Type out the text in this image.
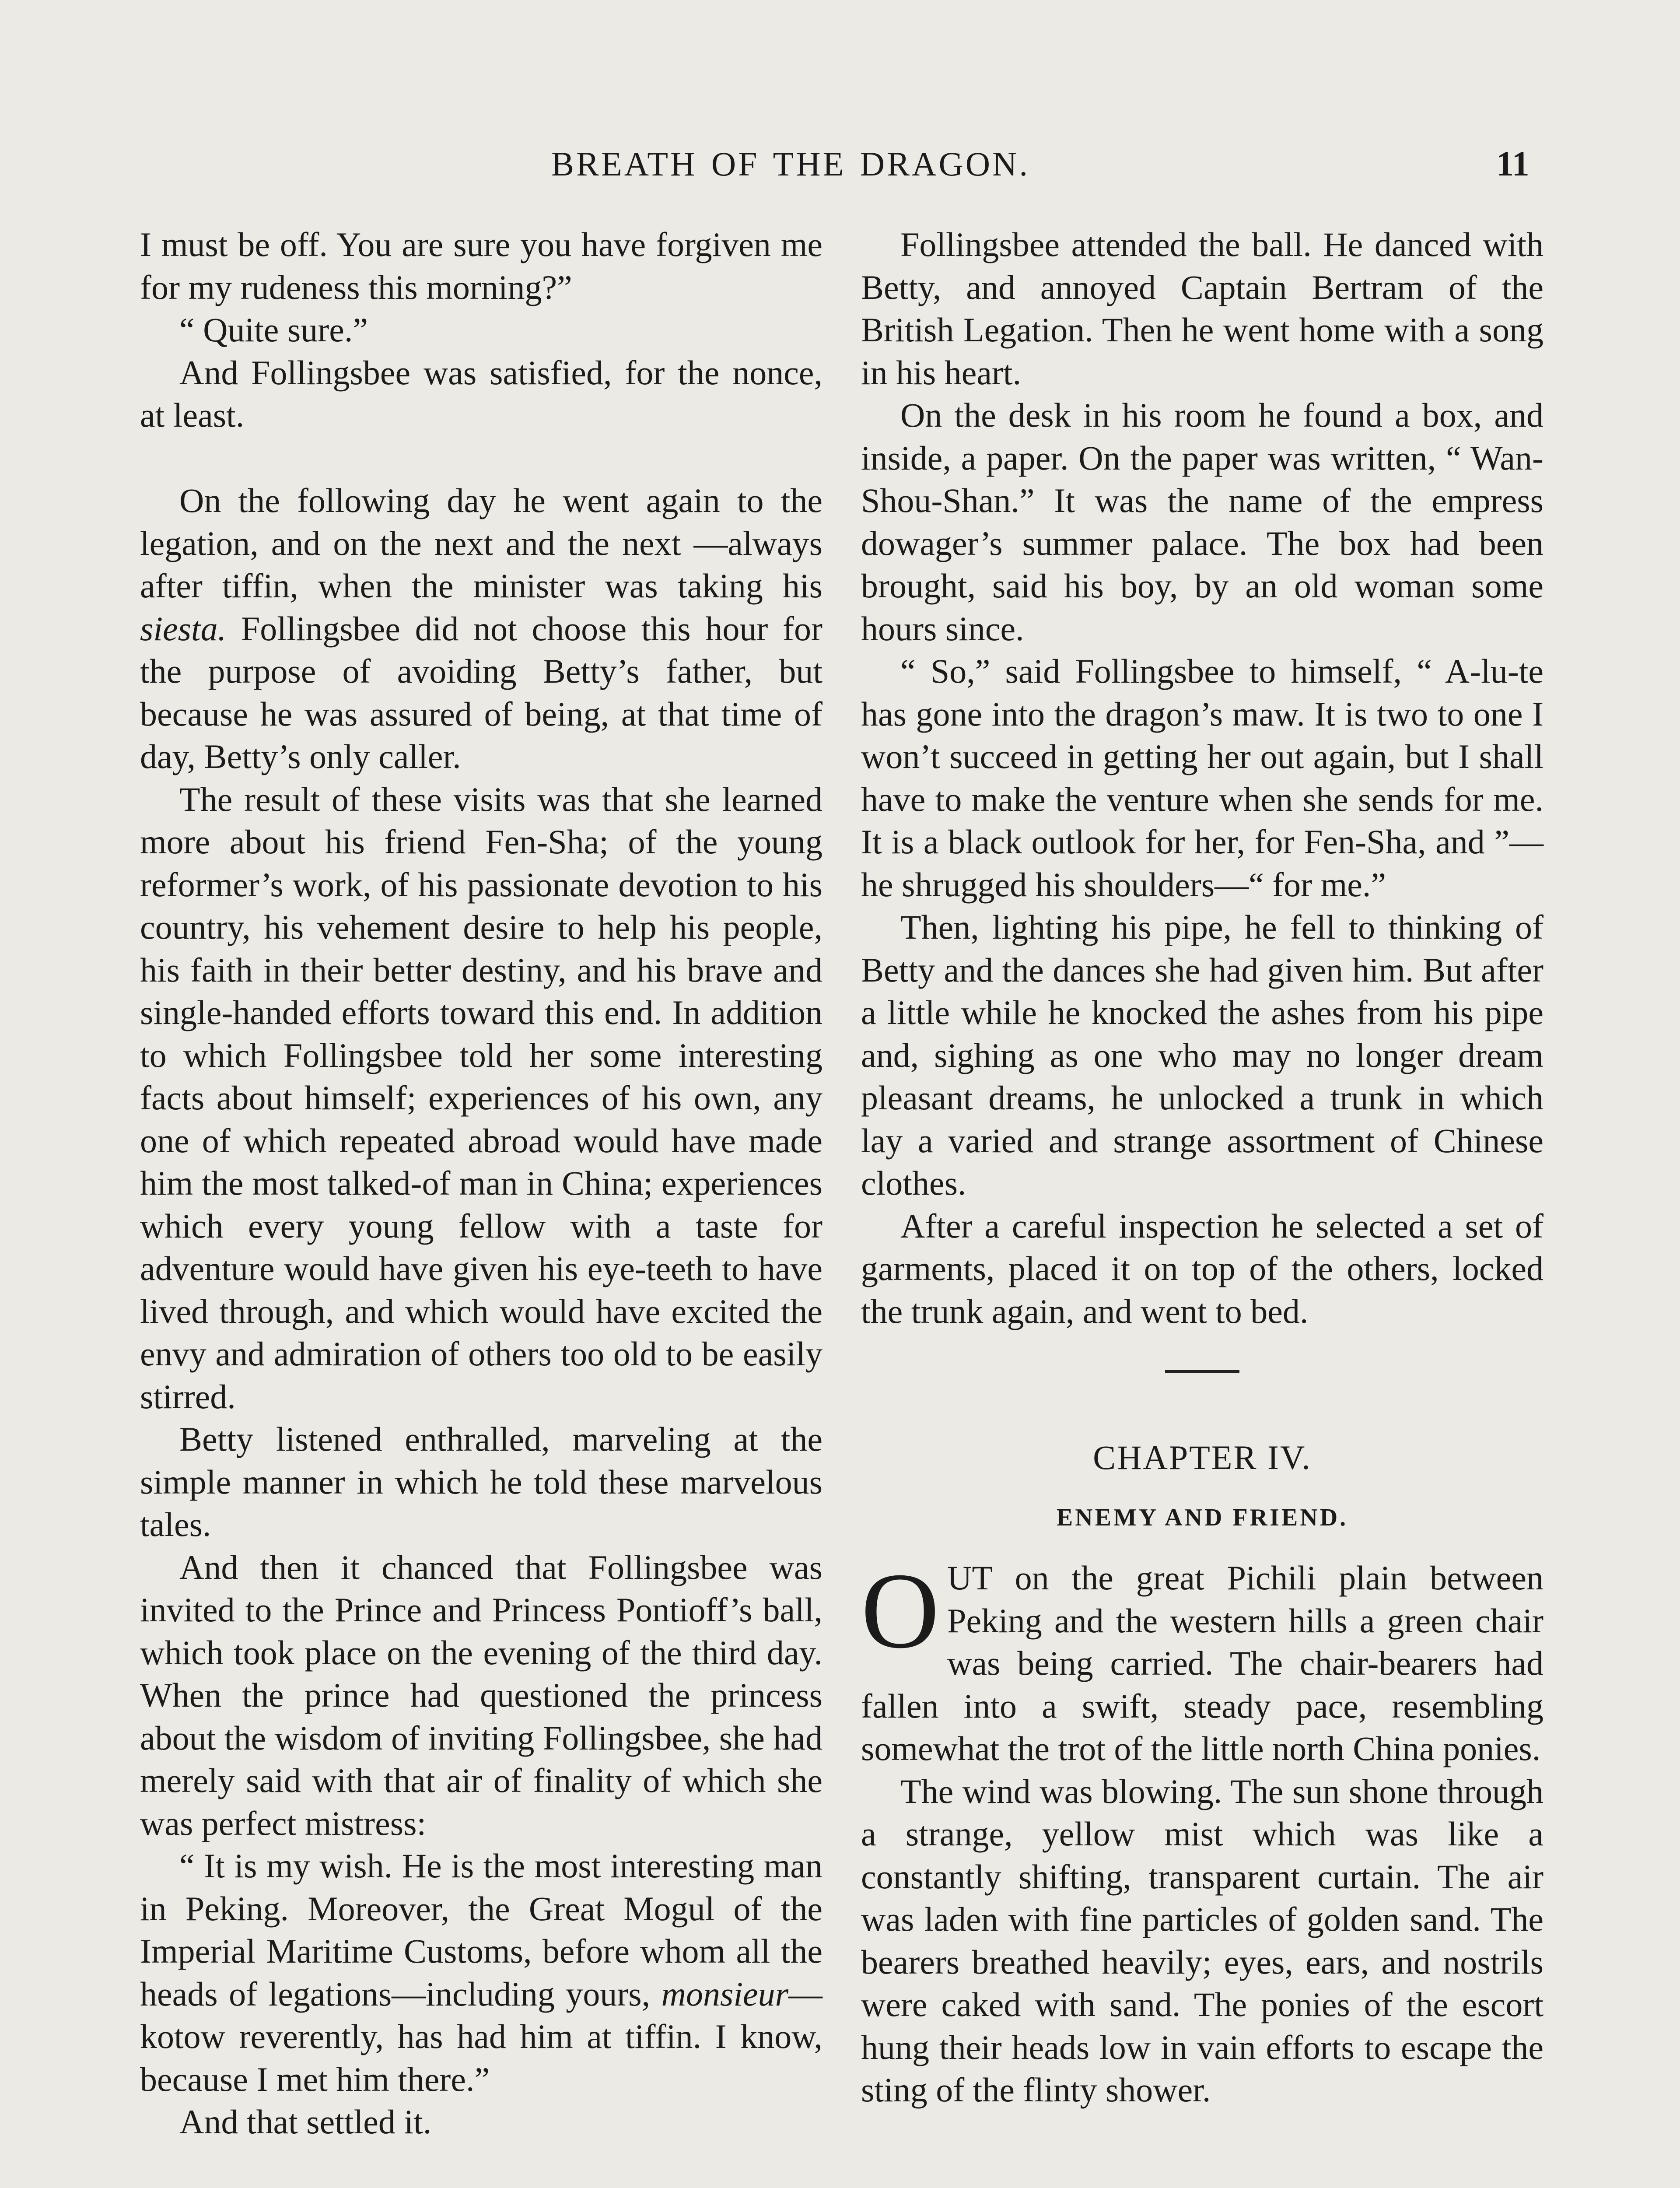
BREATH OF THE DRAGON.	11

I must be off. You are sure you have forgiven me for my rudeness this morning?”

“ Quite sure.”

And Follingsbee was satisfied, for the nonce, at least.

On the following day he went again to the legation, and on the next and the next —always after tiffin, when the minister was taking his siesta. Follingsbee did not choose this hour for the purpose of avoiding Betty’s father, but because he was assured of being, at that time of day, Betty’s only caller.

The result of these visits was that she learned more about his friend Fen-Sha; of the young reformer’s work, of his passionate devotion to his country, his vehement desire to help his people, his faith in their better destiny, and his brave and single-handed efforts toward this end. In addition to which Follingsbee told her some interesting facts about himself; experiences of his own, any one of which repeated abroad would have made him the most talked-of man in China; experiences which every young fellow with a taste for adventure would have given his eye-teeth to have lived through, and which would have excited the envy and admiration of others too old to be easily stirred.

Betty listened enthralled, marveling at the simple manner in which he told these marvelous tales.

And then it chanced that Follingsbee was invited to the Prince and Princess Pontioff’s ball, which took place on the evening of the third day. When the prince had questioned the princess about the wisdom of inviting Follingsbee, she had merely said with that air of finality of which she was perfect mistress:

“ It is my wish. He is the most interesting man in Peking. Moreover, the Great Mogul of the Imperial Maritime Customs, before whom all the heads of legations—including yours, monsieur—kotow reverently, has had him at tiffin. I know, because I met him there.”

And that settled it.

Follingsbee attended the ball. He danced with Betty, and annoyed Captain Bertram of the British Legation. Then he went home with a song in his heart.

On the desk in his room he found a box, and inside, a paper. On the paper was written, “ Wan-Shou-Shan.” It was the name of the empress dowager’s summer palace. The box had been brought, said his boy, by an old woman some hours since.

“ So,” said Follingsbee to himself, “ A-lu-te has gone into the dragon’s maw. It is two to one I won’t succeed in getting her out again, but I shall have to make the venture when she sends for me. It is a black outlook for her, for Fen-Sha, and ”—he shrugged his shoulders—“ for me.”

Then, lighting his pipe, he fell to thinking of Betty and the dances she had given him. But after a little while he knocked the ashes from his pipe and, sighing as one who may no longer dream pleasant dreams, he unlocked a trunk in which lay a varied and strange assortment of Chinese clothes.

After a careful inspection he selected a set of garments, placed it on top of the others, locked the trunk again, and went to bed.

CHAPTER IV.
ENEMY AND FRIEND.

OUT on the great Pichili plain between Peking and the western hills a green chair was being carried. The chair-bearers had fallen into a swift, steady pace, resembling somewhat the trot of the little north China ponies.

The wind was blowing. The sun shone through a strange, yellow mist which was like a constantly shifting, transparent curtain. The air was laden with fine particles of golden sand. The bearers breathed heavily; eyes, ears, and nostrils were caked with sand. The ponies of the escort hung their heads low in vain efforts to escape the sting of the flinty shower.
